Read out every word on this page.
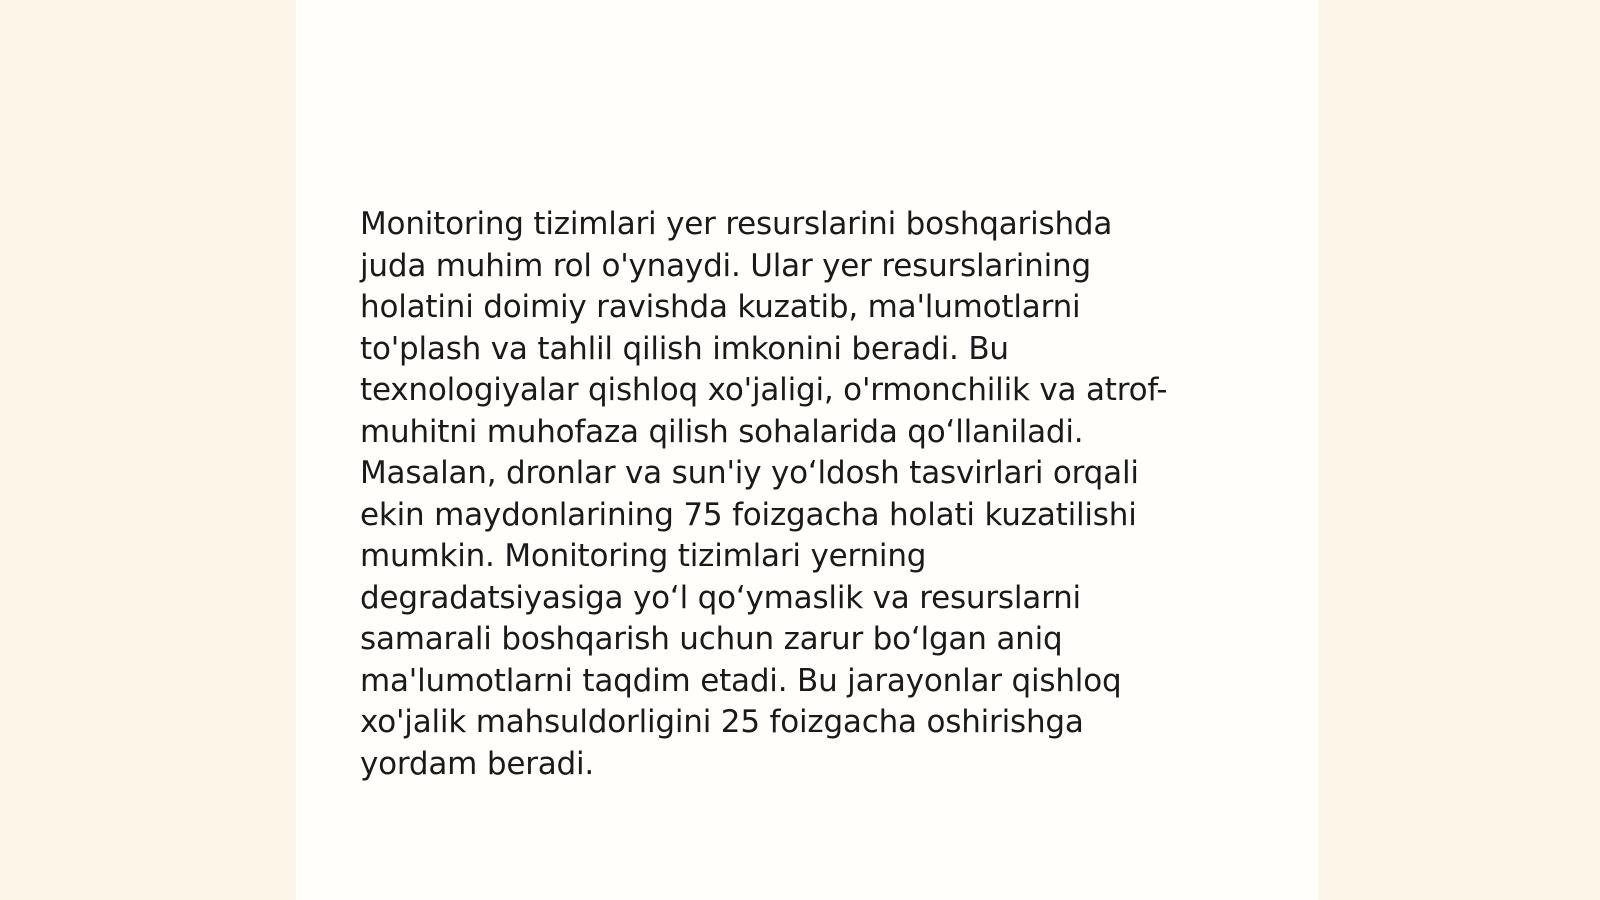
Monitoring tizimlari yer resurslarini boshqarishda
juda muhim rol o'ynaydi. Ular yer resurslarining
holatini doimiy ravishda kuzatib, ma'lumotlarni
to'plash va tahlil qilish imkonini beradi. Bu
texnologiyalar qishloq xo'jaligi, o'rmonchilik va atrof-
muhitni muhofaza qilish sohalarida qoʻllaniladi.
Masalan, dronlar va sun'iy yoʻldosh tasvirlari orqali
ekin maydonlarining 75 foizgacha holati kuzatilishi
mumkin. Monitoring tizimlari yerning
degradatsiyasiga yoʻl qoʻymaslik va resurslarni
samarali boshqarish uchun zarur boʻlgan aniq
ma'lumotlarni taqdim etadi. Bu jarayonlar qishloq
xo'jalik mahsuldorligini 25 foizgacha oshirishga
yordam beradi.
